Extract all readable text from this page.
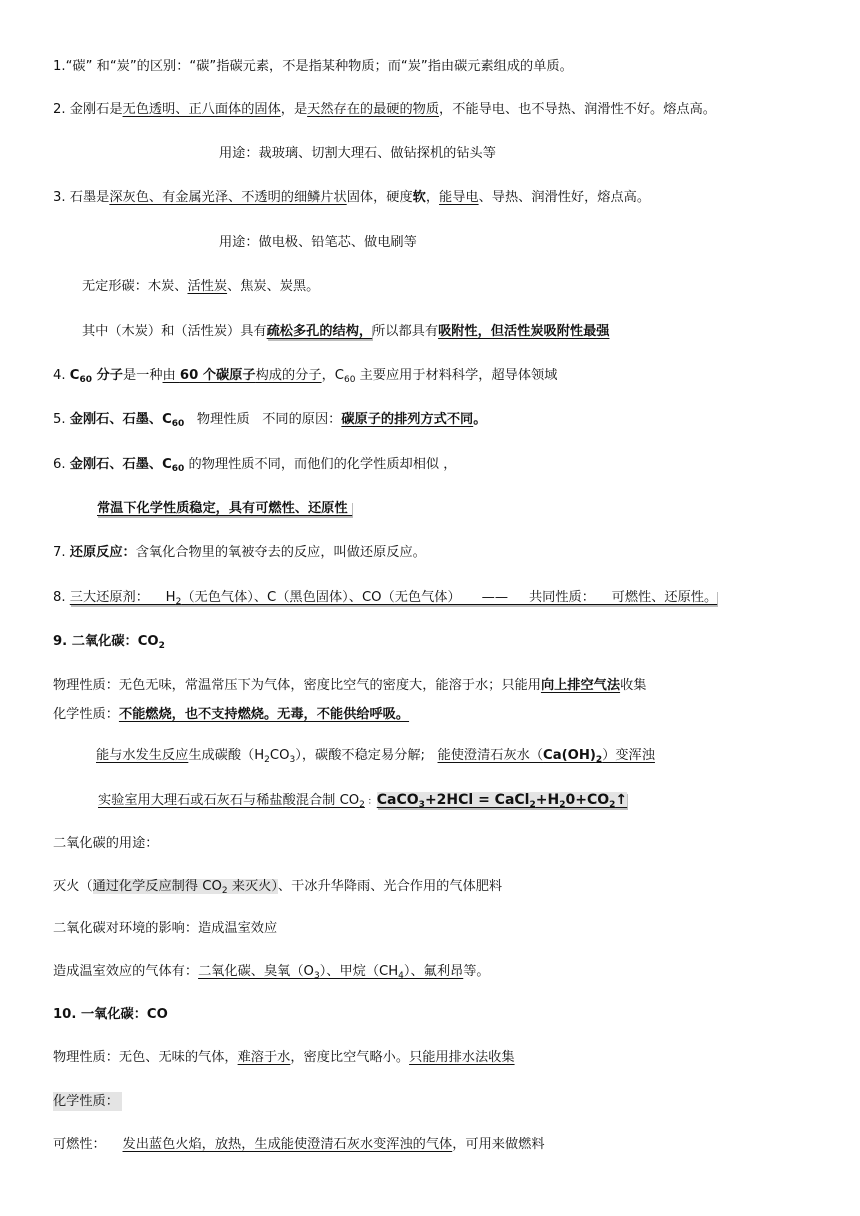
1.“碳” 和“炭”的区别：“碳”指碳元素，不是指某种物质；而“炭”指由碳元素组成的单质。
2. 金刚石是无色透明、正八面体的固体，是天然存在的最硬的物质，不能导电、也不导热、润滑性不好。熔点高。
用途：裁玻璃、切割大理石、做钻探机的钻头等
3. 石墨是深灰色、有金属光泽、不透明的细鳞片状固体，硬度软，能导电、导热、润滑性好，熔点高。
用途：做电极、铅笔芯、做电刷等
无定形碳：木炭、活性炭、焦炭、炭黑。
其中（木炭）和（活性炭）具有疏松多孔的结构，所以都具有吸附性，但活性炭吸附性最强
4. $C_{60}$ 分子是一种由 60 个碳原子构成的分子，$C_{60}$ 主要应用于材料科学，超导体领域
5. 金刚石、石墨、$C_{60}$   物理性质   不同的原因：碳原子的排列方式不同。
6. 金刚石、石墨、$C_{60}$ 的物理性质不同，而他们的化学性质却相似 ，
常温下化学性质稳定，具有可燃性、还原性
7. 还原反应：含氧化合物里的氧被夺去的反应，叫做还原反应。
8. 三大还原剂：    $H_2$（无色气体）、C（黑色固体）、CO（无色气体）     ——     共同性质：    可燃性、还原性。
9. 二氧化碳：$CO_2$
物理性质：无色无味，常温常压下为气体，密度比空气的密度大，能溶于水；只能用向上排空气法收集
化学性质：不能燃烧，也不支持燃烧。无毒，不能供给呼吸。
能与水发生反应生成碳酸$(H_2CO_3)$，碳酸不稳定易分解;   能使澄清石灰水$(Ca(OH)_2)$变浑浊
实验室用大理石或石灰石与稀盐酸混合制 $CO_2$ ：CaCO$_3$+2HCl = $CaCl_2+H_20+CO_2↑$
二氧化碳的用途：
灭火（通过化学反应制得 $CO_2$ 来灭火）、干冰升华降雨、光合作用的气体肥料
二氧化碳对环境的影响：造成温室效应
造成温室效应的气体有：二氧化碳、臭氧$(O_3)$、甲烷$(CH_4)$、氟利昂等。
10. 一氧化碳：CO
物理性质：无色、无味的气体，难溶于水，密度比空气略小。只能用排水法收集
化学性质：
可燃性：    发出蓝色火焰，放热，生成能使澄清石灰水变浑浊的气体，可用来做燃料
